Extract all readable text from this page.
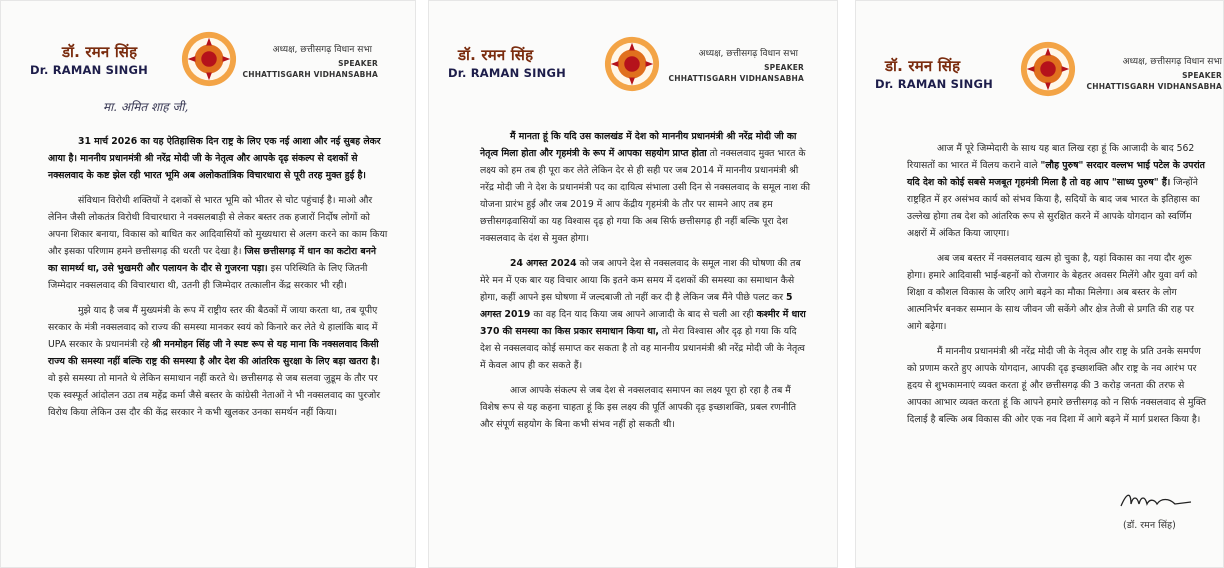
डॉ. रमन सिंह
Dr. RAMAN SINGH
अध्यक्ष, छत्तीसगढ़ विधान सभा
SPEAKER
CHHATTISGARH VIDHANSABHA
मा. अमित शाह जी,

31 मार्च 2026 का यह ऐतिहासिक दिन राष्ट्र के लिए एक नई आशा और नई सुबह लेकर आया है। माननीय प्रधानमंत्री श्री नरेंद्र मोदी जी के नेतृत्व और आपके दृढ़ संकल्प से दशकों से नक्सलवाद के कष्ट झेल रही भारत भूमि अब अलोकतांत्रिक विचारधारा से पूरी तरह मुक्त हुई है।

संविधान विरोधी शक्तियों ने दशकों से भारत भूमि को भीतर से चोट पहुंचाई है। माओ और लेनिन जैसी लोकतंत्र विरोधी विचारधारा ने नक्सलबाड़ी से लेकर बस्तर तक हजारों निर्दोष लोगों को अपना शिकार बनाया, विकास को बाधित कर आदिवासियों को मुख्यधारा से अलग करने का काम किया और इसका परिणाम हमने छत्तीसगढ़ की धरती पर देखा है। जिस छत्तीसगढ़ में धान का कटोरा बनने का सामर्थ्य था, उसे भुखमरी और पलायन के दौर से गुजरना पड़ा। इस परिस्थिति के लिए जितनी जिम्मेदार नक्सलवाद की विचारधारा थी, उतनी ही जिम्मेदार तत्कालीन केंद्र सरकार भी रही।

मुझे याद है जब मैं मुख्यमंत्री के रूप में राष्ट्रीय स्तर की बैठकों में जाया करता था, तब यूपीए सरकार के मंत्री नक्सलवाद को राज्य की समस्या मानकर स्वयं को किनारे कर लेते थे हालांकि बाद में UPA सरकार के प्रधानमंत्री रहे श्री मनमोहन सिंह जी ने स्पष्ट रूप से यह माना कि नक्सलवाद किसी राज्य की समस्या नहीं बल्कि राष्ट्र की समस्या है और देश की आंतरिक सुरक्षा के लिए बड़ा खतरा है। वो इसे समस्या तो मानते थे लेकिन समाधान नहीं करते थे। छत्तीसगढ़ से जब सलवा जुडूम के तौर पर एक स्वस्फूर्त आंदोलन उठा तब महेंद्र कर्मा जैसे बस्तर के कांग्रेसी नेताओं ने भी नक्सलवाद का पुरजोर विरोध किया लेकिन उस दौर की केंद्र सरकार ने कभी खुलकर उनका समर्थन नहीं किया।

डॉ. रमन सिंह
Dr. RAMAN SINGH
अध्यक्ष, छत्तीसगढ़ विधान सभा
SPEAKER
CHHATTISGARH VIDHANSABHA

मैं मानता हूं कि यदि उस कालखंड में देश को माननीय प्रधानमंत्री श्री नरेंद्र मोदी जी का नेतृत्व मिला होता और गृहमंत्री के रूप में आपका सहयोग प्राप्त होता तो नक्सलवाद मुक्त भारत के लक्ष्य को हम तब ही पूरा कर लेते लेकिन देर से ही सही पर जब 2014 में माननीय प्रधानमंत्री श्री नरेंद्र मोदी जी ने देश के प्रधानमंत्री पद का दायित्व संभाला उसी दिन से नक्सलवाद के समूल नाश की योजना प्रारंभ हुई और जब 2019 में आप केंद्रीय गृहमंत्री के तौर पर सामने आए तब हम छत्तीसगढ़वासियों का यह विश्वास दृढ़ हो गया कि अब सिर्फ छत्तीसगढ़ ही नहीं बल्कि पूरा देश नक्सलवाद के दंश से मुक्त होगा।

24 अगस्त 2024 को जब आपने देश से नक्सलवाद के समूल नाश की घोषणा की तब मेरे मन में एक बार यह विचार आया कि इतने कम समय में दशकों की समस्या का समाधान कैसे होगा, कहीं आपने इस घोषणा में जल्दबाजी तो नहीं कर दी है लेकिन जब मैंने पीछे पलट कर 5 अगस्त 2019 का वह दिन याद किया जब आपने आजादी के बाद से चली आ रही कश्मीर में धारा 370 की समस्या का किस प्रकार समाधान किया था, तो मेरा विश्वास और दृढ़ हो गया कि यदि देश से नक्सलवाद कोई समाप्त कर सकता है तो वह माननीय प्रधानमंत्री श्री नरेंद्र मोदी जी के नेतृत्व में केवल आप ही कर सकते हैं।

आज आपके संकल्प से जब देश से नक्सलवाद समापन का लक्ष्य पूरा हो रहा है तब मैं विशेष रूप से यह कहना चाहता हूं कि इस लक्ष्य की पूर्ति आपकी दृढ़ इच्छाशक्ति, प्रबल रणनीति और संपूर्ण सहयोग के बिना कभी संभव नहीं हो सकती थी।

डॉ. रमन सिंह
Dr. RAMAN SINGH
अध्यक्ष, छत्तीसगढ़ विधान सभा
SPEAKER
CHHATTISGARH VIDHANSABHA

आज मैं पूरे जिम्मेदारी के साथ यह बात लिख रहा हूं कि आजादी के बाद 562 रियासतों का भारत में विलय कराने वाले "लौह पुरुष" सरदार वल्लभ भाई पटेल के उपरांत यदि देश को कोई सबसे मजबूत गृहमंत्री मिला है तो वह आप "साध्य पुरुष" हैं। जिन्होंने राष्ट्रहित में हर असंभव कार्य को संभव किया है, सदियों के बाद जब भारत के इतिहास का उल्लेख होगा तब देश को आंतरिक रूप से सुरक्षित करने में आपके योगदान को स्वर्णिम अक्षरों में अंकित किया जाएगा।

अब जब बस्तर में नक्सलवाद खत्म हो चुका है, यहां विकास का नया दौर शुरू होगा। हमारे आदिवासी भाई-बहनों को रोजगार के बेहतर अवसर मिलेंगे और युवा वर्ग को शिक्षा व कौशल विकास के जरिए आगे बढ़ने का मौका मिलेगा। अब बस्तर के लोग आत्मनिर्भर बनकर सम्मान के साथ जीवन जी सकेंगे और क्षेत्र तेजी से प्रगति की राह पर आगे बढ़ेगा।

मैं माननीय प्रधानमंत्री श्री नरेंद्र मोदी जी के नेतृत्व और राष्ट्र के प्रति उनके समर्पण को प्रणाम करते हुए आपके योगदान, आपकी दृढ़ इच्छाशक्ति और राष्ट्र के नव आरंभ पर हृदय से शुभकामनाएं व्यक्त करता हूं और छत्तीसगढ़ की 3 करोड़ जनता की तरफ से आपका आभार व्यक्त करता हूं कि आपने हमारे छत्तीसगढ़ को न सिर्फ नक्सलवाद से मुक्ति दिलाई है बल्कि अब विकास की ओर एक नव दिशा में आगे बढ़ने में मार्ग प्रशस्त किया है।

(डॉ. रमन सिंह)
